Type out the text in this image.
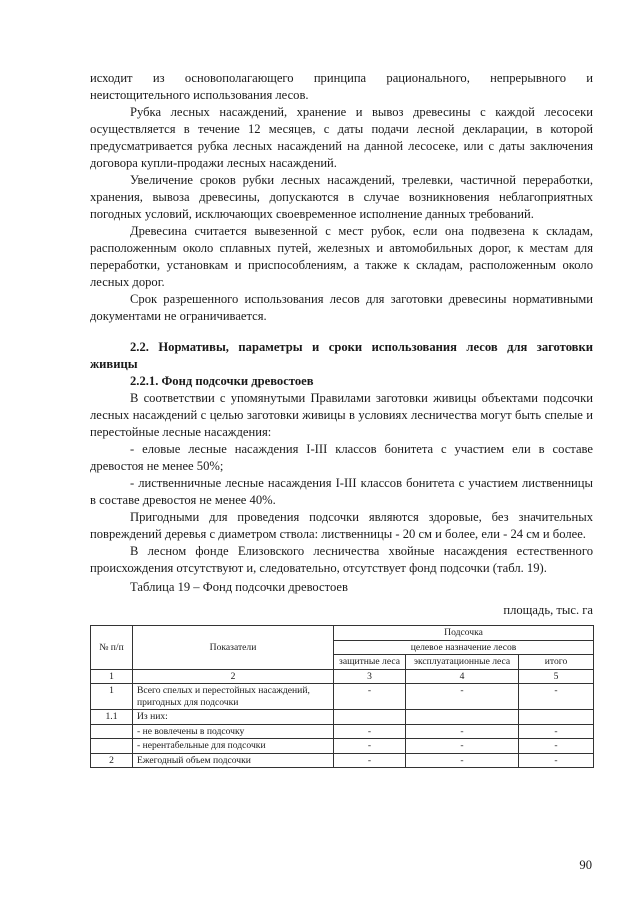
исходит из основополагающего принципа рационального, непрерывного и неистощительного использования лесов.

Рубка лесных насаждений, хранение и вывоз древесины с каждой лесосеки осуществляется в течение 12 месяцев, с даты подачи лесной декларации, в которой предусматривается рубка лесных насаждений на данной лесосеке, или с даты заключения договора купли-продажи лесных насаждений.

Увеличение сроков рубки лесных насаждений, трелевки, частичной переработки, хранения, вывоза древесины, допускаются в случае возникновения неблагоприятных погодных условий, исключающих своевременное исполнение данных требований.

Древесина считается вывезенной с мест рубок, если она подвезена к складам, расположенным около сплавных путей, железных и автомобильных дорог, к местам для переработки, установкам и приспособлениям, а также к складам, расположенным около лесных дорог.

Срок разрешенного использования лесов для заготовки древесины нормативными документами не ограничивается.

2.2. Нормативы, параметры и сроки использования лесов для заготовки живицы

2.2.1. Фонд подсочки древостоев

В соответствии с упомянутыми Правилами заготовки живицы объектами подсочки лесных насаждений с целью заготовки живицы в условиях лесничества могут быть спелые и перестойные лесные насаждения:

- еловые лесные насаждения I-III классов бонитета с участием ели в составе древостоя не менее 50%;

- лиственничные лесные насаждения I-III классов бонитета с участием лиственницы в составе древостоя не менее 40%.

Пригодными для проведения подсочки являются здоровые, без значительных повреждений деревья с диаметром ствола: лиственницы - 20 см и более, ели - 24 см и более.

В лесном фонде Елизовского лесничества хвойные насаждения естественного происхождения отсутствуют и, следовательно, отсутствует фонд подсочки (табл. 19).

Таблица 19 – Фонд подсочки древостоев

площадь, тыс. га

№ п/п	Показатели	Подсочка		
		целевое назначение лесов		
		защитные леса	эксплуатационные леса	итого
1	2	3	4	5
1	Всего спелых и перестойных насаждений, пригодных для подсочки	-	-	-
1.1	Из них:			
	- не вовлечены в подсочку	-	-	-
	- нерентабельные для подсочки	-	-	-
2	Ежегодный объем подсочки	-	-	-
90
